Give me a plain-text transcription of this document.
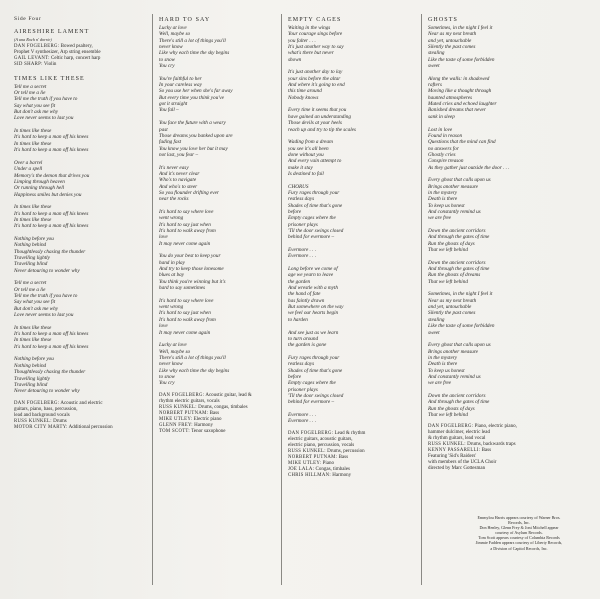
Side Four
AIRESHIRE LAMENT
(A una Roch n' dorrie)
DAN FOGELBERG: Bowed psaltery,
Prophet V synthesizer, Arp string ensemble
GAIL LEVANT: Celtic harp, concert harp
SID SHARP: Violin
TIMES LIKE THESE
Tell me a secret
Or tell me a lie
Tell me the truth if you have to
Say what you see fit
But don't ask me why
Love never seems to last you
In times like these
It's hard to keep a man off his knees
In times like these
It's hard to keep a man off his knees
Over a barrel
Under a spell
Memory's the demon that drives you
Limping through heaven
Or running through hell
Happiness smiles but denies you
In times like these
It's hard to keep a man off his knees
In times like these
It's hard to keep a man off his knees
Nothing before you
Nothing behind
Thoughtlessly chasing the thunder
Travelling lightly
Travelling blind
Never detouring to wonder why
Tell me a secret
Or tell me a lie
Tell me the truth if you have to
Say what you see fit
But don't ask me why
Love never seems to last you
In times like these
It's hard to keep a man off his knees
In times like these
It's hard to keep a man off his knees
Nothing before you
Nothing behind
Thoughtlessly chasing the thunder
Travelling lightly
Travelling blind
Never detouring to wonder why
DAN FOGELBERG: Acoustic and electric
guitars, piano, bass, percussion,
lead and background vocals
RUSS KUNKEL: Drums
MOTOR CITY MARTY: Additional percussion
HARD TO SAY
Lucky at love
Well, maybe so
There's still a lot of things you'll
never know
Like why each time the sky begins
to snow
You cry
You're faithful to her
In your careless way
So you use her when she's far away
But every time you think you've
got it straight
You fall –
You face the future with a weary
past
Those dreams you banked upon are
fading fast
You know you love her but it may
not last, you fear –
It's never easy
And it's never clear
Who's to navigate
And who's to steer
So you flounder drifting ever
near the rocks
It's hard to say where love
went wrong
It's hard to say just when
It's hard to walk away from
love
It may never come again
You do your best to keep your
hand in play
And try to keep those lonesome
blues at bay
You think you're winning but it's
hard to say sometimes
It's hard to say where love
went wrong
It's hard to say just when
It's hard to walk away from
love
It may never come again
Lucky at love
Well, maybe so
There's still a lot of things you'll
never know
Like why each time the sky begins
to snow
You cry
DAN FOGELBERG: Acoustic guitar, lead &
rhythm electric guitars, vocals
RUSS KUNKEL: Drums, congas, timbales
NORBERT PUTNAM: Bass
MIKE UTLEY: Electric piano
GLENN FREY: Harmony
TOM SCOTT: Tenor saxophone
EMPTY CAGES
Waiting in the wings
Your courage sings before
you falter . . .
It's just another way to say
what's there but never
shown
It's just another day to lay
your sins before the altar
And where it's going to end
this time around
Nobody knows
Every time it seems that you
have gained an understanding
Those devils at your heels
reach up and try to tip the scales
Wading from a dream
you see it's all been
done without you
And every vain attempt to
make it stay
Is destined to fail
CHORUS
Fury rages through your
restless days
Shades of time that's gone
before
Empty cages where the
prisoner plays
'Til the door swings closed
behind for evermore –
Evermore . . .
Evermore . . .
Long before we come of
age we yearn to leave
the garden
And wrestle with a myth
the hand of fate
has faintly drawn
But somewhere on the way
we feel our hearts begin
to harden
And see just as we learn
to turn around
the garden is gone
Fury rages through your
restless days
Shades of time that's gone
before
Empty cages where the
prisoner plays
'Til the door swings closed
behind for evermore –
Evermore . . .
Evermore . . .
DAN FOGELBERG: Lead & rhythm
electric guitars, acoustic guitars,
electric piano, percussion, vocals
RUSS KUNKEL: Drums, percussion
NORBERT PUTNAM: Bass
MIKE UTLEY: Piano
JOE LALA: Congas, timbales
CHRIS HILLMAN: Harmony
GHOSTS
Sometimes, in the night I feel it
Near as my next breath
and yet, untouchable
Silently the past comes
stealing
Like the taste of some forbidden
sweet
Along the walls: in shadowed
rafters
Moving like a thought through
haunted atmospheres
Muted cries and echoed laughter
Banished dreams that never
sank in sleep
Lost in love
Found in reason
Questions that the mind can find
no answers for
Ghostly cries
Conspire treason
As they gather just outside the door . . .
Every ghost that calls upon us
Brings another measure
in the mystery
Death is there
To keep us honest
And constantly remind us
we are free
Down the ancient corridors
And through the gates of time
Run the ghosts of days
That we left behind
Down the ancient corridors
And through the gates of time
Run the ghosts of dreams
That we left behind
Sometimes, in the night I feel it
Near as my next breath
and yet, untouchable
Silently the past comes
stealing
Like the taste of some forbidden
sweet
Every ghost that calls upon us
Brings another measure
in the mystery
Death is there
To keep us honest
And constantly remind us
we are free
Down the ancient corridors
And through the gates of time
Run the ghosts of days
That we left behind
DAN FOGELBERG: Piano, electric piano,
hammer dulcimer, electric lead
& rhythm guitars, lead vocal
RUSS KUNKEL: Drums, backwards traps
KENNY PASSARELLI: Bass
Featuring 'Sid's Raiders'
with members of the UCLA Choir
directed by Marc Gottesman
Emmylou Harris appears courtesy of Warner Bros.
Records, Inc.
Don Henley, Glenn Frey & Joni Mitchell appear
courtesy of Asylum Records.
Tom Scott appears courtesy of Columbia Records
Jimmie Fadden appears courtesy of Liberty Records,
a Division of Capitol Records, Inc.
